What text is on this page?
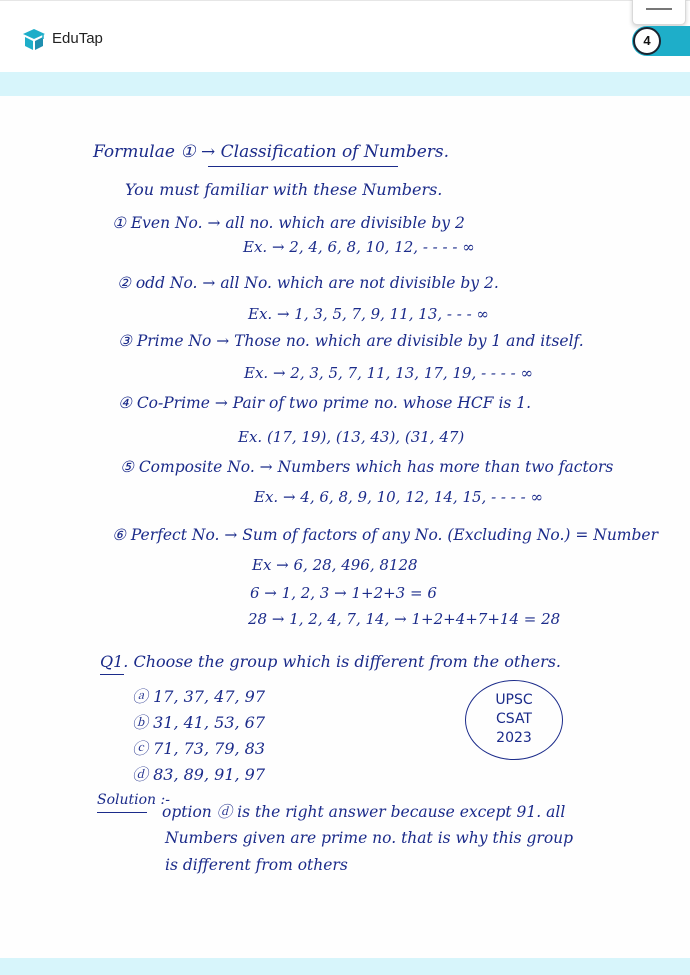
EduTap	4
Formulae ① → Classification of Numbers.
You must familiar with these Numbers.
① Even No. → all no. which are divisible by 2
Ex. → 2, 4, 6, 8, 10, 12, - - - - ∞
② odd No. → all No. which are not divisible by 2.
Ex. → 1, 3, 5, 7, 9, 11, 13, - - - ∞
③ Prime No → Those no. which are divisible by 1 and itself.
Ex. → 2, 3, 5, 7, 11, 13, 17, 19, - - - - ∞
④ Co-Prime → Pair of two prime no. whose HCF is 1.
Ex. (17, 19), (13, 43), (31, 47)
⑤ Composite No. → Numbers which has more than two factors
Ex. → 4, 6, 8, 9, 10, 12, 14, 15, - - - - ∞
⑥ Perfect No. → Sum of factors of any No. (Excluding No.) = Number
Ex → 6, 28, 496, 8128
6 → 1, 2, 3 → 1+2+3 = 6
28 → 1, 2, 4, 7, 14, → 1+2+4+7+14 = 28
Q1. Choose the group which is different from the others.
ⓐ 17, 37, 47, 97
ⓑ 31, 41, 53, 67
ⓒ 71, 73, 79, 83
ⓓ 83, 89, 91, 97
UPSC
CSAT
2023
Solution :-
option ⓓ is the right answer because except 91. all
Numbers given are prime no. that is why this group
is different from others
